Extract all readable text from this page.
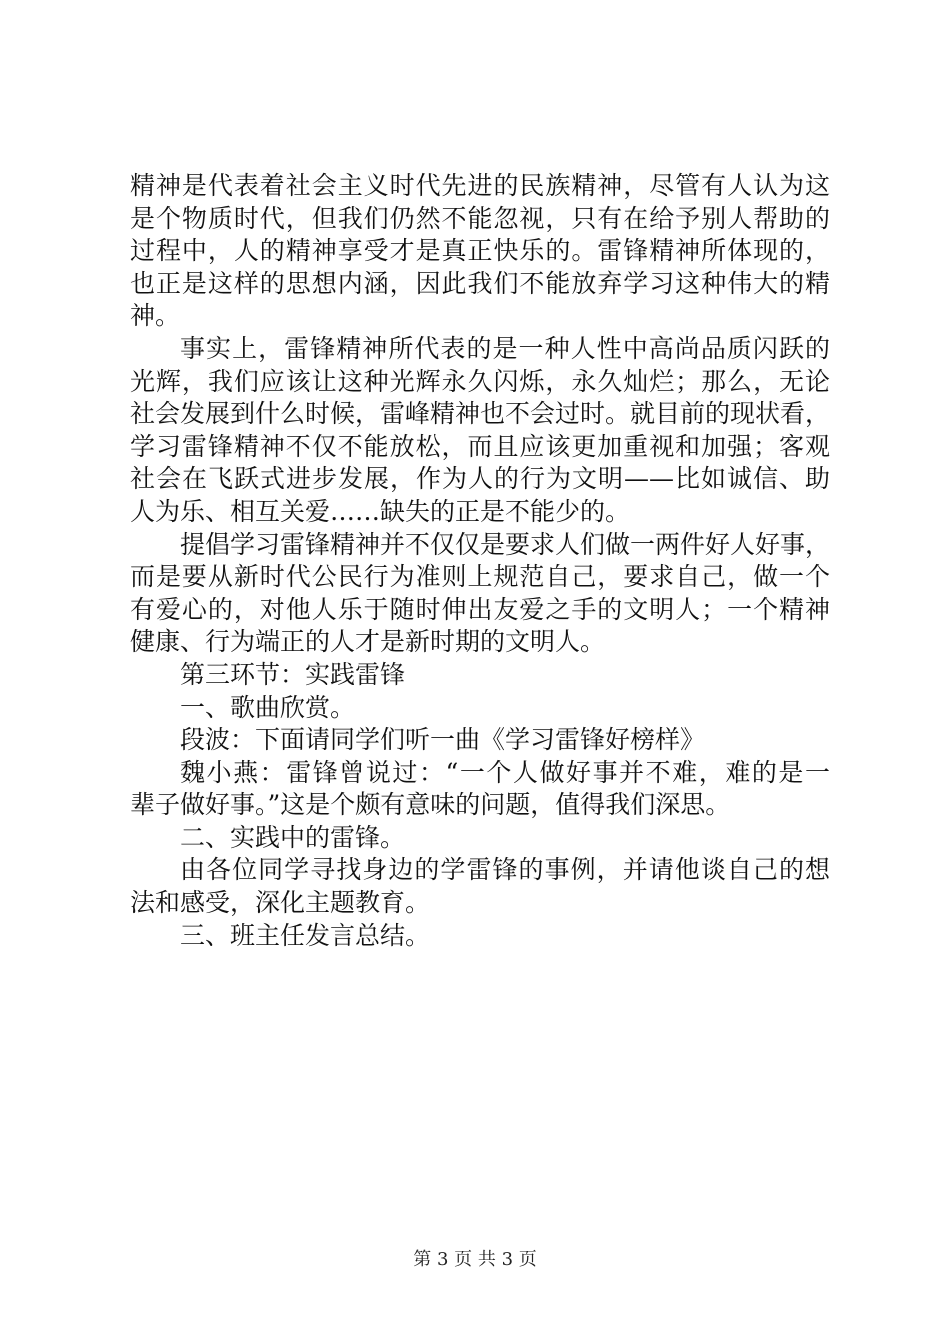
精神是代表着社会主义时代先进的民族精神，尽管有人认为这
是个物质时代，但我们仍然不能忽视，只有在给予别人帮助的
过程中，人的精神享受才是真正快乐的。雷锋精神所体现的，
也正是这样的思想内涵，因此我们不能放弃学习这种伟大的精
神。
事实上，雷锋精神所代表的是一种人性中高尚品质闪跃的
光辉，我们应该让这种光辉永久闪烁，永久灿烂；那么，无论
社会发展到什么时候，雷峰精神也不会过时。就目前的现状看，
学习雷锋精神不仅不能放松，而且应该更加重视和加强；客观
社会在飞跃式进步发展，作为人的行为文明——比如诚信、助
人为乐、相互关爱……缺失的正是不能少的。
提倡学习雷锋精神并不仅仅是要求人们做一两件好人好事，
而是要从新时代公民行为准则上规范自己，要求自己，做一个
有爱心的，对他人乐于随时伸出友爱之手的文明人；一个精神
健康、行为端正的人才是新时期的文明人。
第三环节：实践雷锋
一、歌曲欣赏。
段波：下面请同学们听一曲《学习雷锋好榜样》
魏小燕：雷锋曾说过：“一个人做好事并不难，难的是一
辈子做好事。”这是个颇有意味的问题，值得我们深思。
二、实践中的雷锋。
由各位同学寻找身边的学雷锋的事例，并请他谈自己的想
法和感受，深化主题教育。
三、班主任发言总结。
第 3 页 共 3 页
